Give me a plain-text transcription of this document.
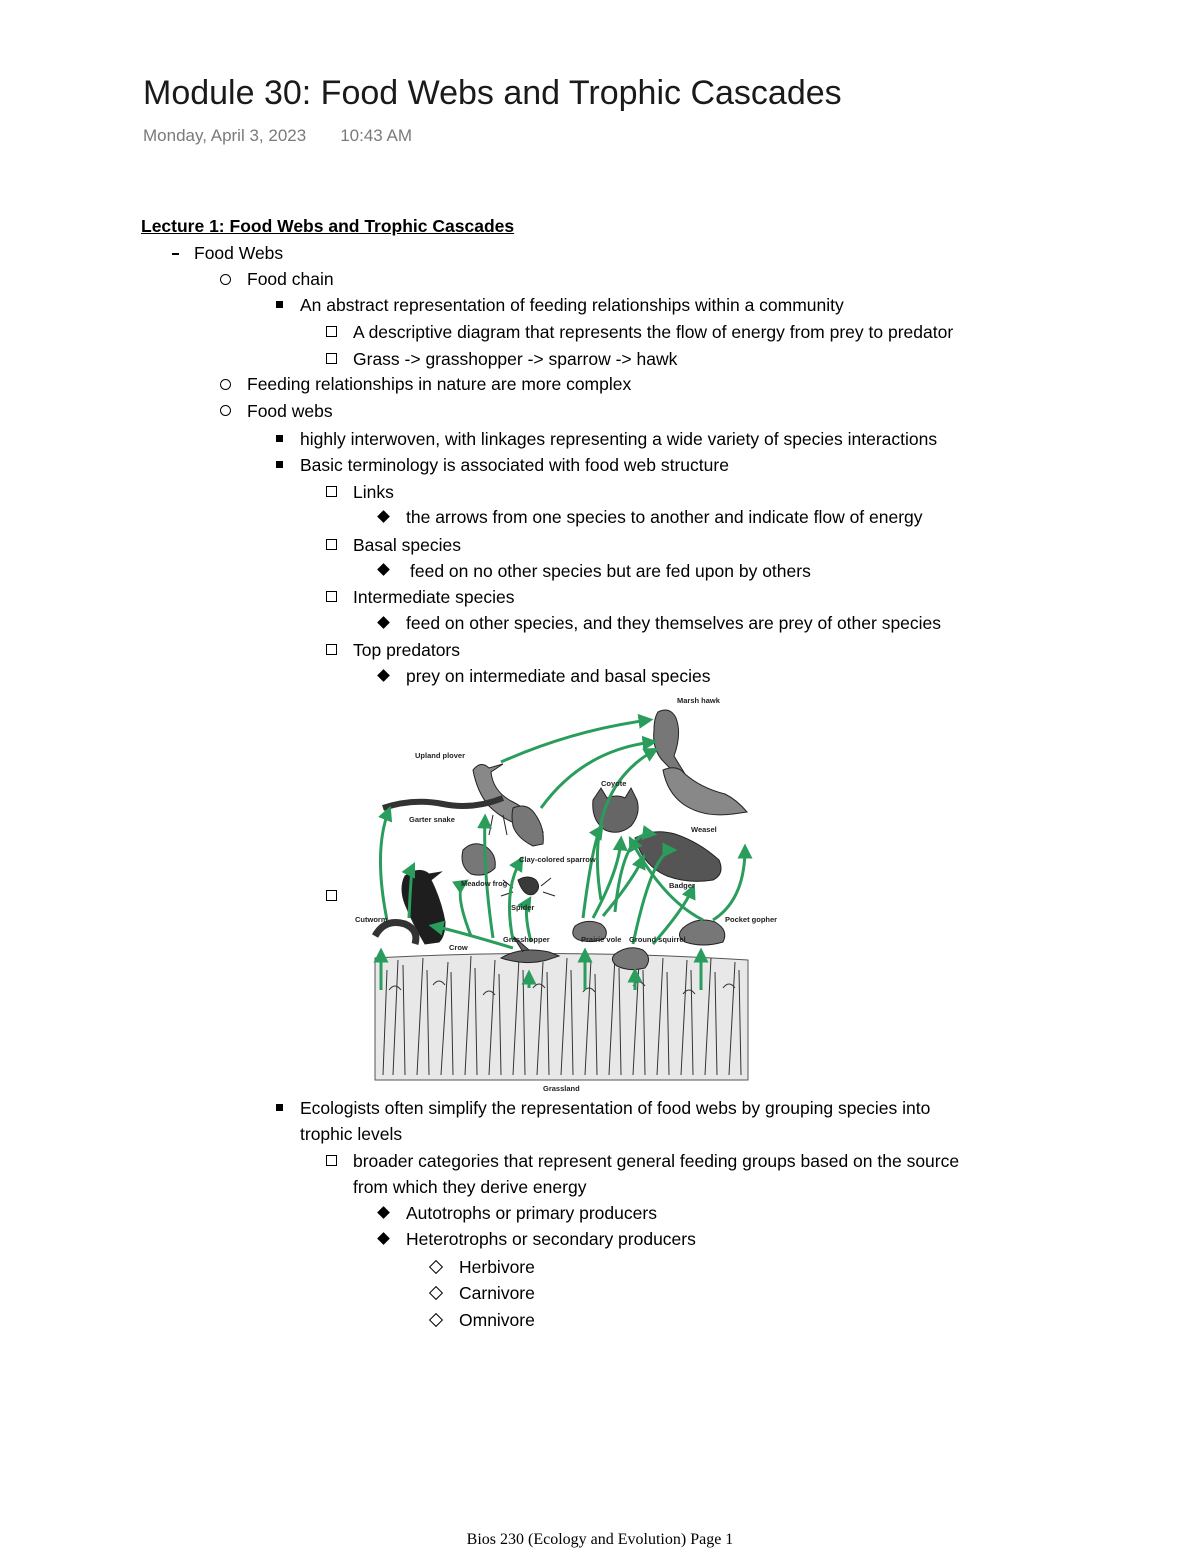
Module 30: Food Webs and Trophic Cascades
Monday, April 3, 2023 10:43 AM
Lecture 1: Food Webs and Trophic Cascades
Food Webs
Food chain
An abstract representation of feeding relationships within a community
A descriptive diagram that represents the flow of energy from prey to predator
Grass -> grasshopper -> sparrow -> hawk
Feeding relationships in nature are more complex
Food webs
highly interwoven, with linkages representing a wide variety of species interactions
Basic terminology is associated with food web structure
Links
the arrows from one species to another and indicate flow of energy
Basal species
feed on no other species but are fed upon by others
Intermediate species
feed on other species, and they themselves are prey of other species
Top predators
prey on intermediate and basal species
Marsh hawk
Upland plover
Coyote
Garter snake
Weasel
Clay-colored sparrow
Meadow frog	Badger
Spider
Cutworm
Crow
Grasshopper	Prairie vole Ground squirrel
Pocket gopher
Grassland
Ecologists often simplify the representation of food webs by grouping species into
trophic levels
broader categories that represent general feeding groups based on the source
from which they derive energy
Autotrophs or primary producers
Heterotrophs or secondary producers
Herbivore
Carnivore
Omnivore
Bios 230 (Ecology and Evolution) Page 1
